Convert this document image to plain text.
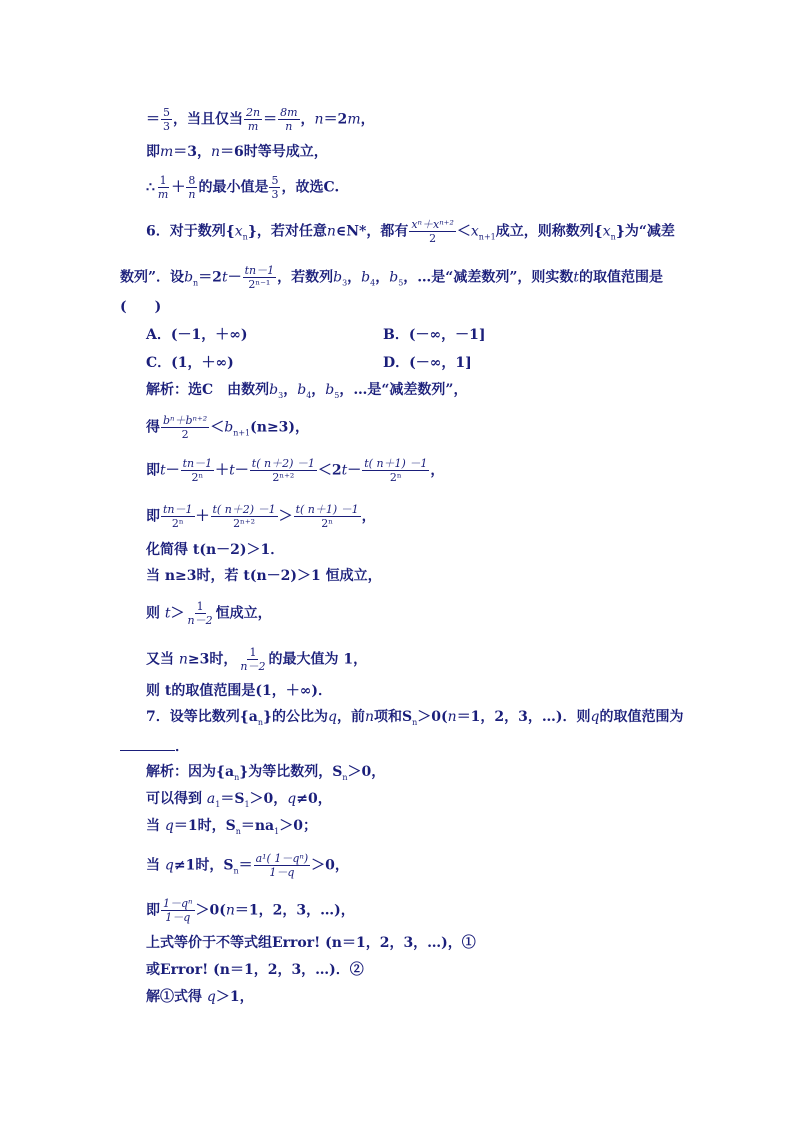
＝ $\frac{5}{3}$ ，当且仅当 $\frac{2n}{m} = \frac{8m}{n}$ ，n＝2m，
即m＝3，n＝6时等号成立，
∴ $\frac{1}{m} + \frac{8}{n}$ 的最小值是 $\frac{5}{3}$ ，故选C.
6．对于数列$\{x_n\}$，若对任意n∈N*，都有 $\frac{\text{xⁿ＋xⁿ⁺²}}{2} <x_{n+1}$成立，则称数列$\{x_n\}$为“减差
数列”．设$b_n=2t- \frac{tn-1}{\text{2ⁿ⁻¹}}$ ，若数列$b_3$，$b_4$，$b_5$，…是“减差数列”，则实数t的取值范围是
(　　)
A．(－1，＋∞)	B．(－∞，－1]
C．(1，＋∞)	D．(－∞，1]
解析：选C　由数列$b_3$，$b_4$，$b_5$，…是“减差数列”，
得 $\frac{\text{bⁿ＋bⁿ⁺²}}{2} <b_{n+1}(n\ge 3)$，
即$t- \frac{tn-1}{\text{2ⁿ}} +t- \frac{t( n+2) -1}{\text{2ⁿ⁺²}} <2t- \frac{t( n+1) -1}{\text{2ⁿ}}$ ，
即 $\frac{tn-1}{\text{2ⁿ}} + \frac{t( n+2) -1}{\text{2ⁿ⁺²}} > \frac{t( n+1) -1}{\text{2ⁿ}}$ ，
化简得 t(n－2)＞1．
当 n≥3时，若 t(n－2)＞1 恒成立，
则 $t> \frac{1}{n-2}$ 恒成立，
又当 n≥3时， $\frac{1}{n-2}$ 的最大值为 1，
则 t的取值范围是(1，＋∞)．
7．设等比数列$\{a_n\}$的公比为q，前n项和$S_n>0(n=1$，2，3，…)．则q的取值范围为
．
解析：因为$\{a_n\}$为等比数列，$S_n>0$，
可以得到 $a_1=S_1>0$，q≠0，
当 q＝1时，$S_n=na_1>0$；
当 q≠1时，$S_n= \frac{\text{a¹( 1－qⁿ)}}{1-q} >0$，
即 $\frac{\text{1－qⁿ}}{1-q} >0(n=1$，2，3，…)，
上式等价于不等式组Error! (n＝1，2，3，…)，①
或Error! (n＝1，2，3，…)．②
解①式得 q＞1，
